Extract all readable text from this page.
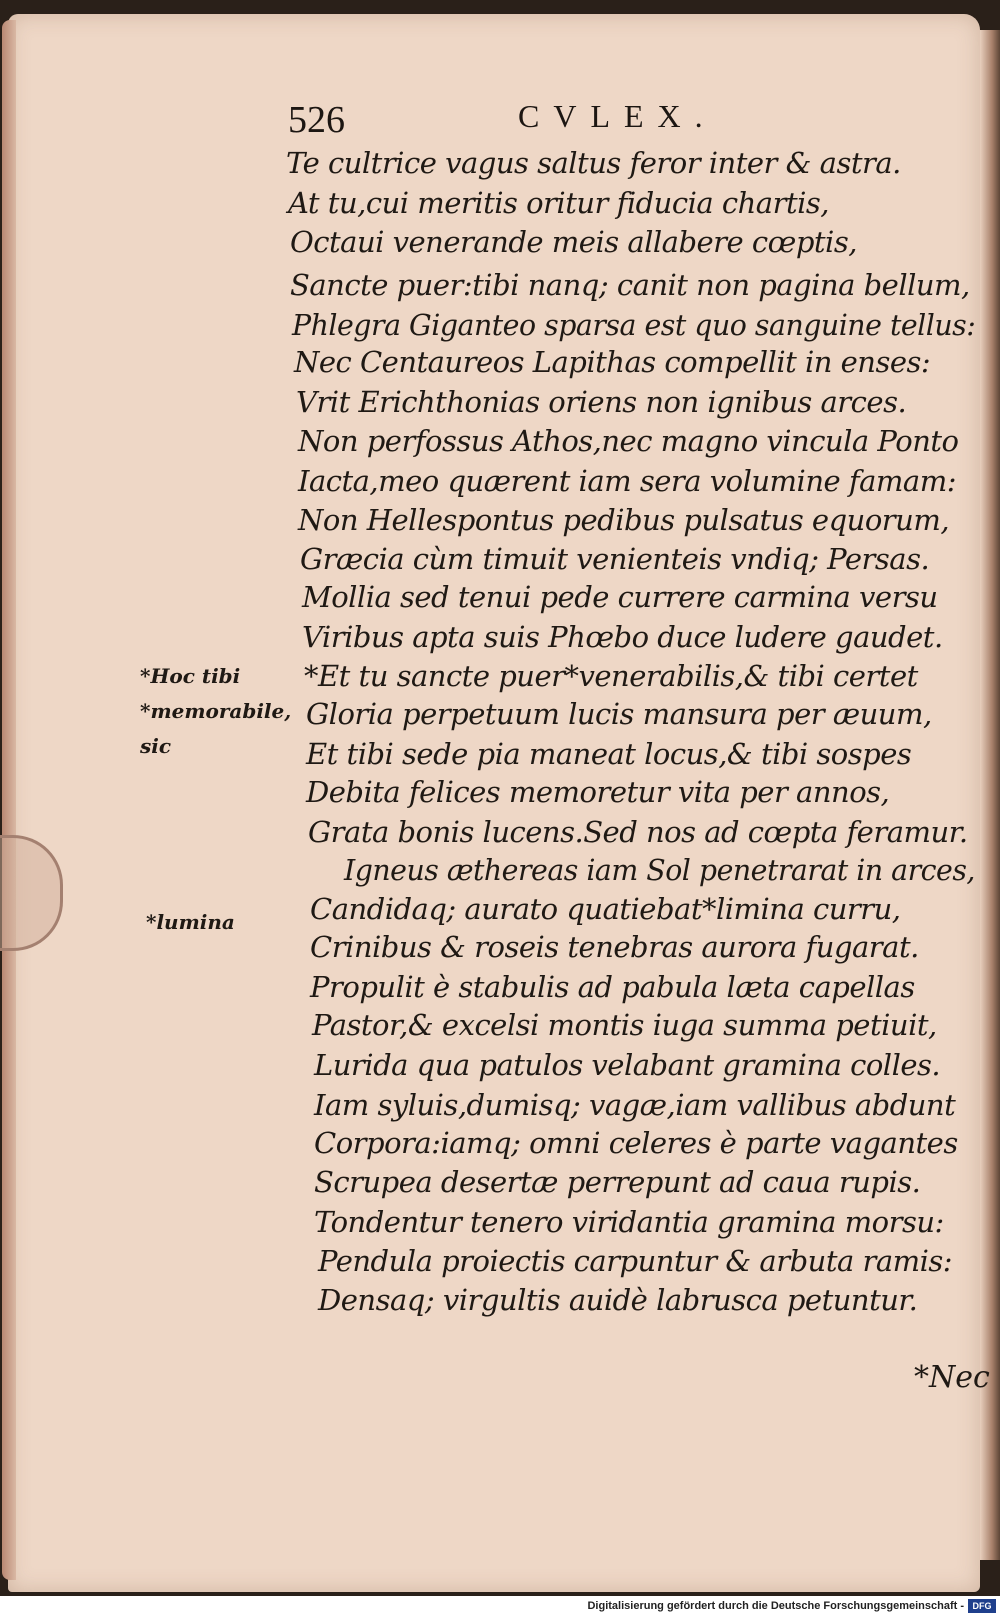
526	CVLEX.
Te cultrice vagus saltus feror inter & astra.
At tu,cui meritis oritur fiducia chartis,
Octaui venerande meis allabere cœptis,
Sancte puer:tibi nanq; canit non pagina bellum,
Phlegra Giganteo sparsa est quo sanguine tellus:
Nec Centaureos Lapithas compellit in enses:
Vrit Erichthonias oriens non ignibus arces.
Non perfossus Athos,nec magno vincula Ponto
Iacta,meo quærent iam sera volumine famam:
Non Hellespontus pedibus pulsatus equorum,
Græcia cùm timuit venienteis vndiq; Persas.
Mollia sed tenui pede currere carmina versu
Viribus apta suis Phœbo duce ludere gaudet.
*Et tu sancte puer*venerabilis,& tibi certet
Gloria perpetuum lucis mansura per æuum,
Et tibi sede pia maneat locus,& tibi sospes
Debita felices memoretur vita per annos,
Grata bonis lucens.Sed nos ad cœpta feramur.
Igneus æthereas iam Sol penetrarat in arces,
Candidaq; aurato quatiebat*limina curru,
Crinibus & roseis tenebras aurora fugarat.
Propulit è stabulis ad pabula læta capellas
Pastor,& excelsi montis iuga summa petiuit,
Lurida qua patulos velabant gramina colles.
Iam syluis,dumisq; vagæ,iam vallibus abdunt
Corpora:iamq; omni celeres è parte vagantes
Scrupea desertæ perrepunt ad caua rupis.
Tondentur tenero viridantia gramina morsu:
Pendula proiectis carpuntur & arbuta ramis:
Densaq; virgultis auidè labrusca petuntur.
*Hoc tibi
*memorabile,
sic
*lumina
*Nec
Digitalisierung gefördert durch die Deutsche Forschungsgemeinschaft - DFG
